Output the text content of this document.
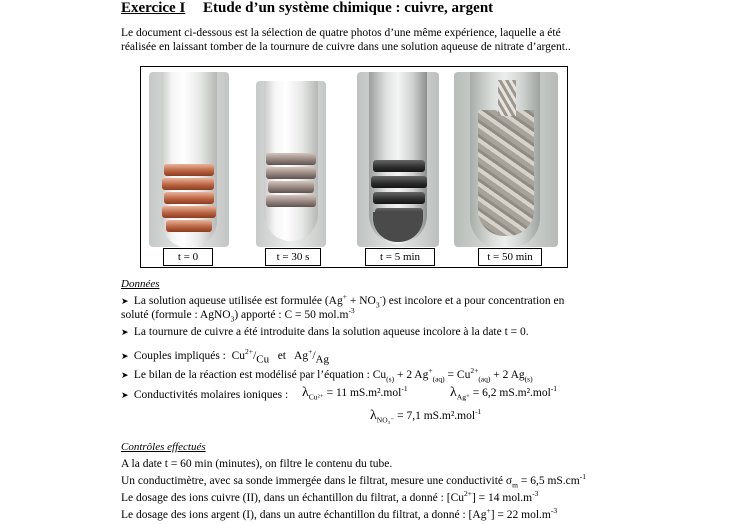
Exercice I Etude d’un système chimique : cuivre, argent
Le document ci-dessous est la sélection de quatre photos d’une même expérience, laquelle a été
réalisée en laissant tomber de la tournure de cuivre dans une solution aqueuse de nitrate d’argent..
t = 0	t = 30 s	t = 5 min	t = 50 min
Données
➤ La solution aqueuse utilisée est formulée $(Ag^+ + NO_3^-)$ est incolore et a pour concentration en
soluté (formule : AgNO$_3$) apporté : C = 50 $mol.m^{-3}$
➤ La tournure de cuivre a été introduite dans la solution aqueuse incolore à la date t = 0.
➤ Couples impliqués : $Cu^{2+}/_{Cu}$ et $Ag^+/_{Ag}$
➤ Le bilan de la réaction est modélisé par l’équation : $Cu_{(s)} + 2$ $Ag^+_{(aq)} = Cu^{2+}_{(aq)} + 2$ $Ag_{(s)}$
➤ Conductivités molaires ioniques : $\lambda_{Cu^{2+}} = 11$ mS.m².mol$^{-1}$	$\lambda_{Ag^+} = 6,2$ mS.m².mol$^{-1}$
$\lambda_{NO_3^-} = 7,1$ mS.m².mol$^{-1}$
Contrôles effectués
A la date t = 60 min (minutes), on filtre le contenu du tube.
Un conductimètre, avec sa sonde immergée dans le filtrat, mesure une conductivité $\sigma_m = 6,5$ $mS.cm^{-1}$
Le dosage des ions cuivre (II), dans un échantillon du filtrat, a donné : $[Cu^{2+}] = 14$ $mol.m^{-3}$
Le dosage des ions argent (I), dans un autre échantillon du filtrat, a donné : [Ag+] = 22 $mol.m^{-3}$
